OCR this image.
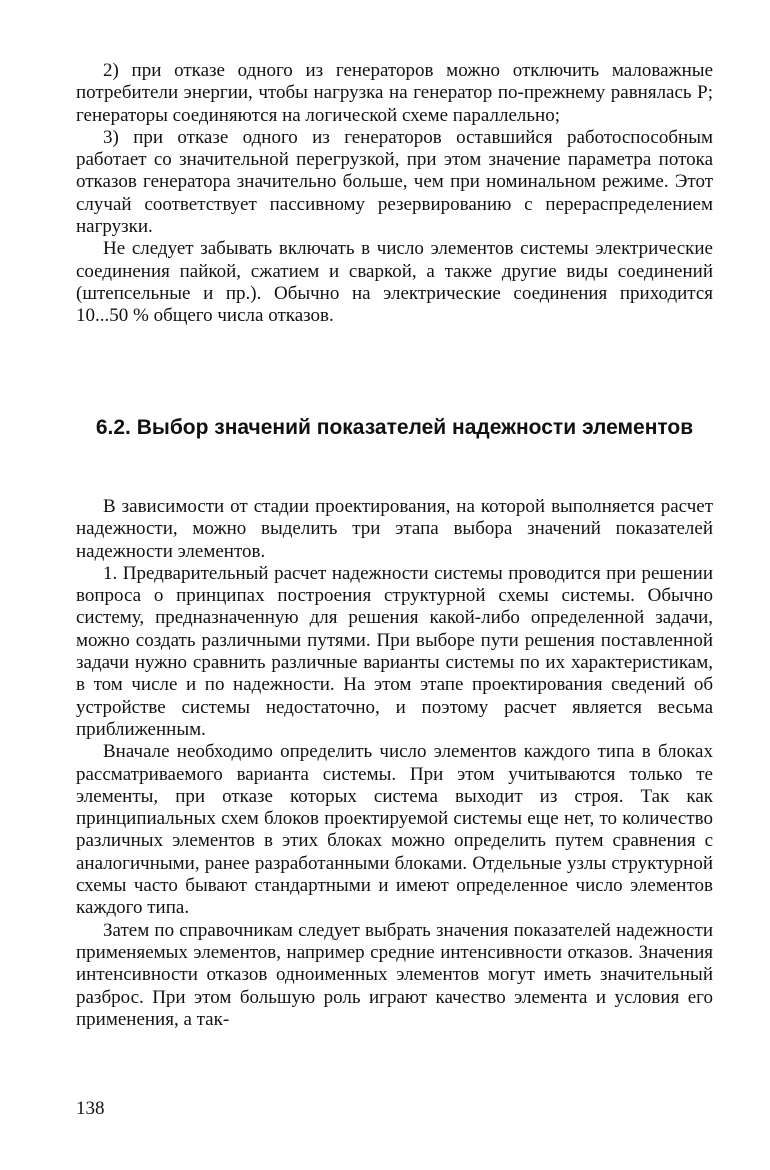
2) при отказе одного из генераторов можно отключить маловажные потребители энергии, чтобы нагрузка на генератор по-прежнему равнялась P; генераторы соединяются на логической схеме параллельно;

3) при отказе одного из генераторов оставшийся работоспособным работает со значительной перегрузкой, при этом значение параметра потока отказов генератора значительно больше, чем при номинальном режиме. Этот случай соответствует пассивному резервированию с перераспределением нагрузки.

Не следует забывать включать в число элементов системы электрические соединения пайкой, сжатием и сваркой, а также другие виды соединений (штепсельные и пр.). Обычно на электрические соединения приходится 10...50 % общего числа отказов.

6.2. Выбор значений показателей надежности элементов

В зависимости от стадии проектирования, на которой выполняется расчет надежности, можно выделить три этапа выбора значений показателей надежности элементов.

1. Предварительный расчет надежности системы проводится при решении вопроса о принципах построения структурной схемы системы. Обычно систему, предназначенную для решения какой-либо определенной задачи, можно создать различными путями. При выборе пути решения поставленной задачи нужно сравнить различные варианты системы по их характеристикам, в том числе и по надежности. На этом этапе проектирования сведений об устройстве системы недостаточно, и поэтому расчет является весьма приближенным.

Вначале необходимо определить число элементов каждого типа в блоках рассматриваемого варианта системы. При этом учитываются только те элементы, при отказе которых система выходит из строя. Так как принципиальных схем блоков проектируемой системы еще нет, то количество различных элементов в этих блоках можно определить путем сравнения с аналогичными, ранее разработанными блоками. Отдельные узлы структурной схемы часто бывают стандартными и имеют определенное число элементов каждого типа.

Затем по справочникам следует выбрать значения показателей надежности применяемых элементов, например средние интенсивности отказов. Значения интенсивности отказов одноименных элементов могут иметь значительный разброс. При этом большую роль играют качество элемента и условия его применения, а так-

138
